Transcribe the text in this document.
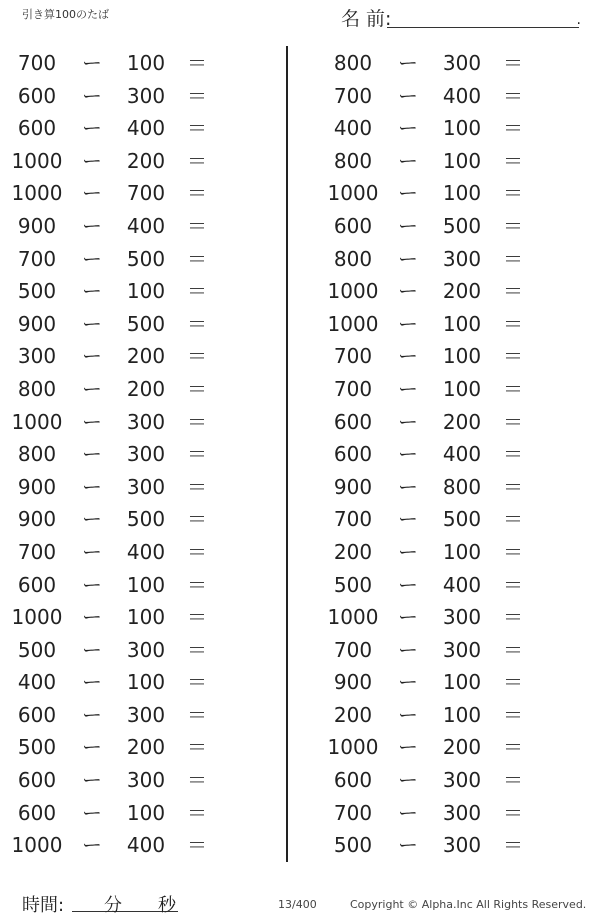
引き算100のたば	名 前:	.
700	ー	100	＝
600	ー	300	＝
600	ー	400	＝
1000 ー	200	＝
1000 ー	700	＝
900	ー	400	＝
700	ー	500	＝
500	ー	100	＝
900	ー	500	＝
300	ー	200	＝
800	ー	200	＝
1000 ー	300	＝
800	ー	300	＝
900	ー	300	＝
900	ー	500	＝
700	ー	400	＝
600	ー	100	＝
1000 ー	100	＝
500	ー	300	＝
400	ー	100	＝
600	ー	300	＝
500	ー	200	＝
600	ー	300	＝
600	ー	100	＝
1000 ー	400	＝
800	ー	300	＝
700	ー	400	＝
400	ー	100	＝
800	ー	100	＝
1000 ー	100	＝
600	ー	500	＝
800	ー	300	＝
1000 ー	200	＝
1000 ー	100	＝
700	ー	100	＝
700	ー	100	＝
600	ー	200	＝
600	ー	400	＝
900	ー	800	＝
700	ー	500	＝
200	ー	100	＝
500	ー	400	＝
1000 ー	300	＝
700	ー	300	＝
900	ー	100	＝
200	ー	100	＝
1000 ー	200	＝
600	ー	300	＝
700	ー	300	＝
500	ー	300	＝
時間: 分 秒	13/400	Copyright © Alpha.Inc All Rights Reserved.
